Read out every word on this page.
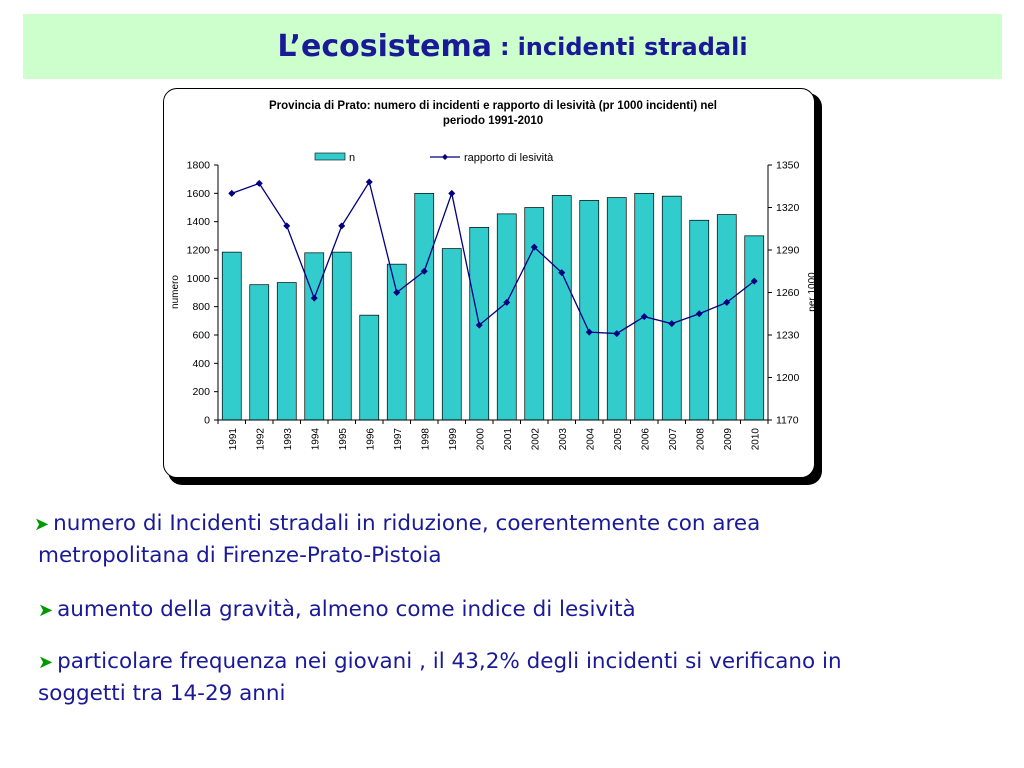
L’ecosistema : incidenti stradali
Provincia di Prato: numero di incidenti e rapporto di lesività (pr 1000 incidenti) nel
periodo 1991-2010
n	rapporto di lesività
numero	per 1000
0
200
400
600
800
1000
1200
1400
1600
1800
1170
1200
1230
1260
1290
1320
1350
1991 1992 1993 1994 1995 1996 1997 1998 1999 2000 2001 2002 2003 2004 2005 2006 2007 2008 2009 2010
➤ numero di Incidenti stradali in riduzione, coerentemente con area
metropolitana di Firenze-Prato-Pistoia
➤ aumento della gravità, almeno come indice di lesività
➤ particolare frequenza nei giovani , il 43,2% degli incidenti si verificano in
soggetti tra 14-29 anni
